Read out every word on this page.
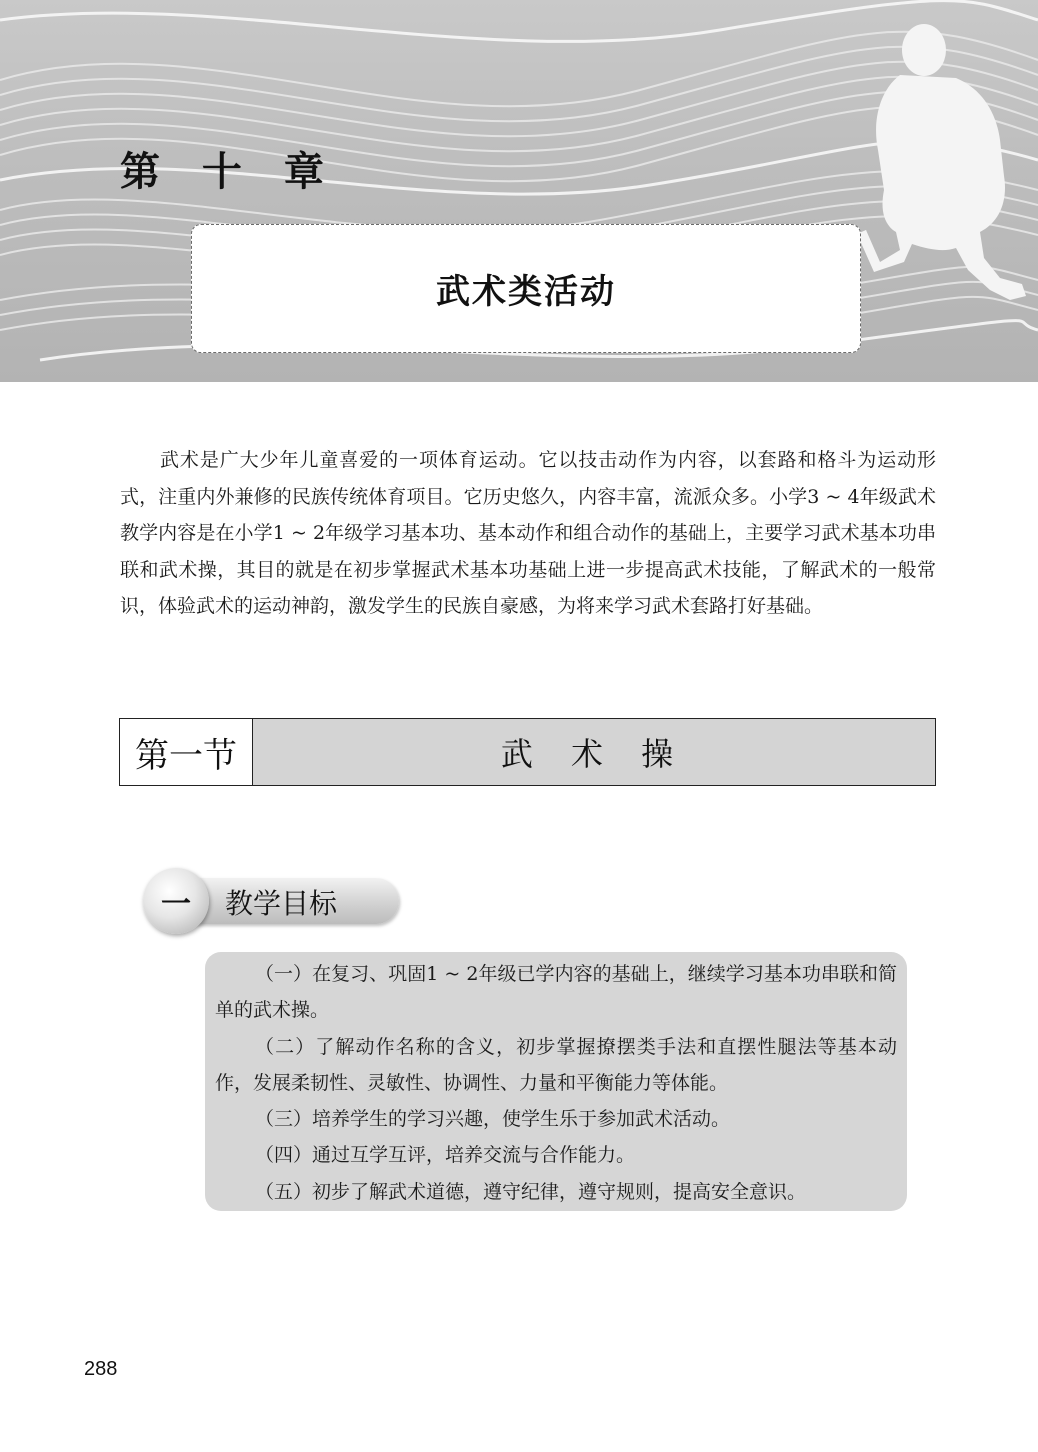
第 十 章
武术类活动

武术是广大少年儿童喜爱的一项体育运动。它以技击动作为内容，以套路和格斗为运动形式，注重内外兼修的民族传统体育项目。它历史悠久，内容丰富，流派众多。小学3 ~ 4年级武术教学内容是在小学1 ~ 2年级学习基本功、基本动作和组合动作的基础上，主要学习武术基本功串联和武术操，其目的就是在初步掌握武术基本功基础上进一步提高武术技能，了解武术的一般常识，体验武术的运动神韵，激发学生的民族自豪感，为将来学习武术套路打好基础。

第一节	武 术 操
一 教学目标

（一）在复习、巩固1 ~ 2年级已学内容的基础上，继续学习基本功串联和简单的武术操。

（二）了解动作名称的含义，初步掌握撩摆类手法和直摆性腿法等基本动作，发展柔韧性、灵敏性、协调性、力量和平衡能力等体能。

（三）培养学生的学习兴趣，使学生乐于参加武术活动。

（四）通过互学互评，培养交流与合作能力。

（五）初步了解武术道德，遵守纪律，遵守规则，提高安全意识。

288
